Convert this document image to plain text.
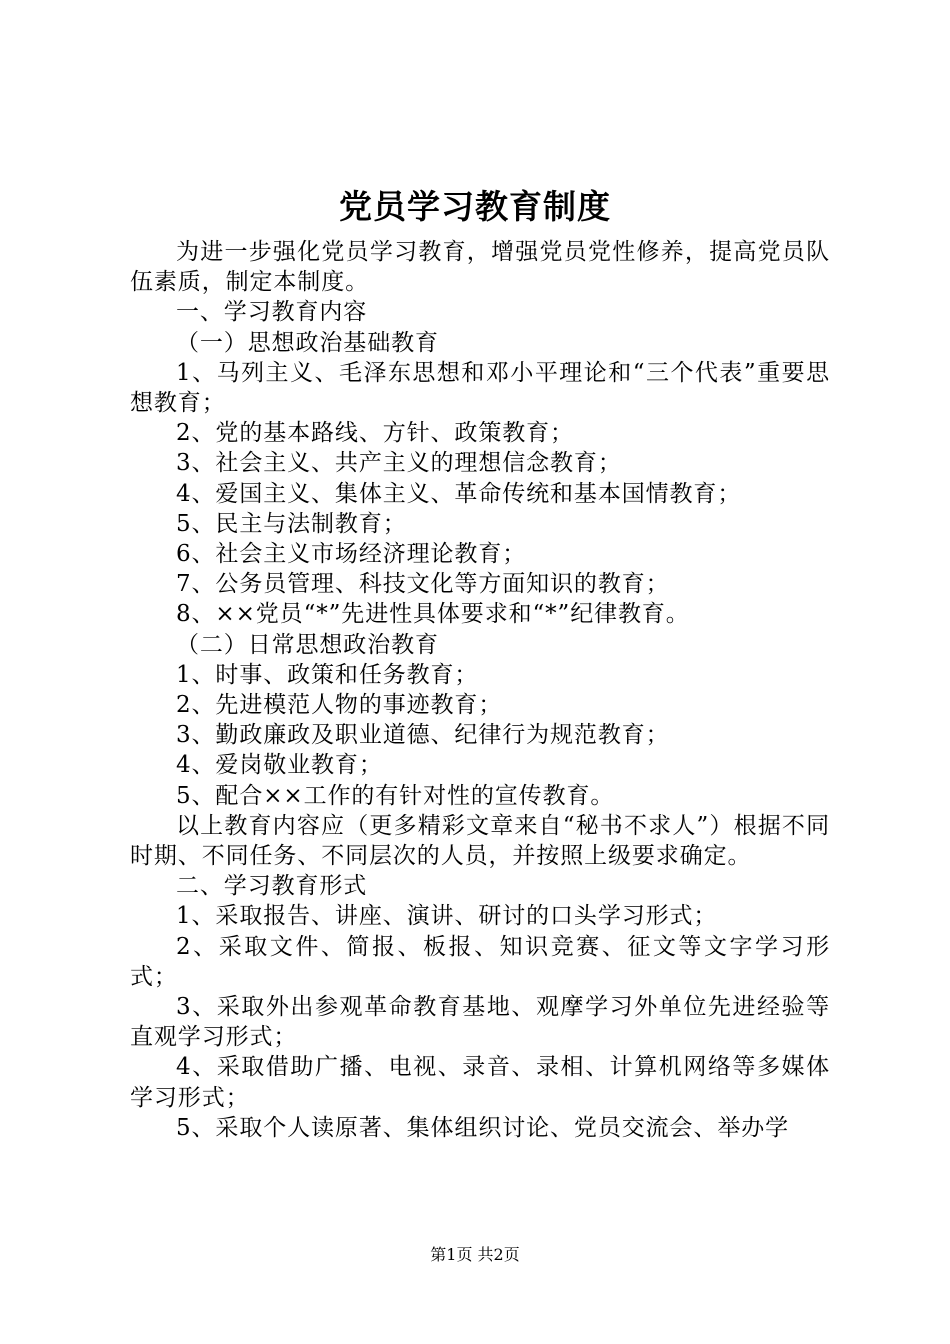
党员学习教育制度

为进一步强化党员学习教育，增强党员党性修养，提高党员队伍素质，制定本制度。

一、学习教育内容

（一）思想政治基础教育

1、马列主义、毛泽东思想和邓小平理论和“三个代表”重要思想教育；

2、党的基本路线、方针、政策教育；

3、社会主义、共产主义的理想信念教育；

4、爱国主义、集体主义、革命传统和基本国情教育；

5、民主与法制教育；

6、社会主义市场经济理论教育；

7、公务员管理、科技文化等方面知识的教育；

8、××党员“*”先进性具体要求和“*”纪律教育。

（二）日常思想政治教育

1、时事、政策和任务教育；

2、先进模范人物的事迹教育；

3、勤政廉政及职业道德、纪律行为规范教育；

4、爱岗敬业教育；

5、配合××工作的有针对性的宣传教育。

以上教育内容应（更多精彩文章来自“秘书不求人”）根据不同时期、不同任务、不同层次的人员，并按照上级要求确定。

二、学习教育形式

1、采取报告、讲座、演讲、研讨的口头学习形式；

2、采取文件、简报、板报、知识竞赛、征文等文字学习形式；

3、采取外出参观革命教育基地、观摩学习外单位先进经验等直观学习形式；

4、采取借助广播、电视、录音、录相、计算机网络等多媒体学习形式；

5、采取个人读原著、集体组织讨论、党员交流会、举办学

第1页 共2页
